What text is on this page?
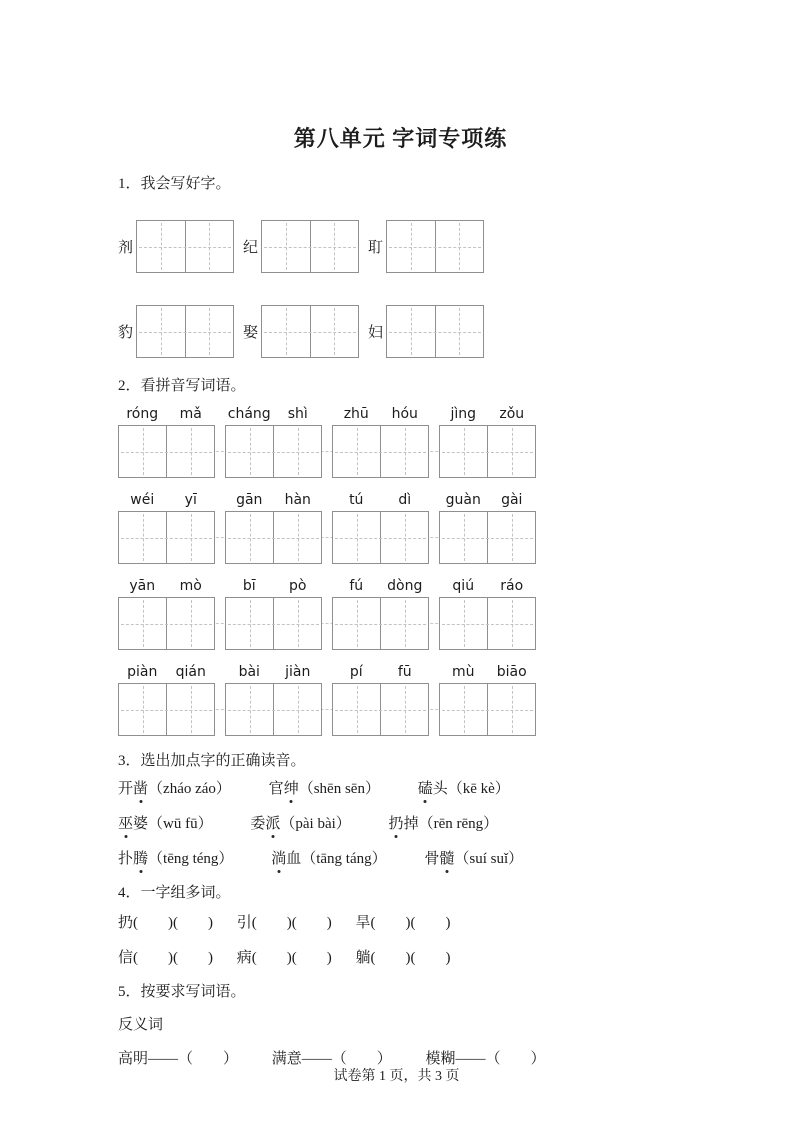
第八单元 字词专项练
1．我会写好字。
剂	纪	耵
豹	娶	妇
2．看拼音写词语。
róng	mǎ	cháng	shì	zhū	hóu	jìng	zǒu
wéi	yī	gān	hàn	tú	dì	guàn	gài
yān	mò	bī	pò	fú	dòng	qiú	ráo
piàn	qián	bài	jiàn	pí	fū	mù	biāo
3．选出加点字的正确读音。
开凿（zháo záo）	官绅（shēn sēn）	磕头（kē kè）
巫婆（wū fū）	委派（pài bài）	扔掉（rēn rēng）
扑腾（tēng téng）	淌血（tāng táng）	骨髓（suí suǐ）
4．一字组多词。
扔(　　)(　　) 引(　　)(　　) 旱(　　)(　　)
信(　　)(　　) 病(　　)(　　) 躺(　　)(　　)
5．按要求写词语。
反义词
高明——（　　） 满意——（　　） 模糊——（　　）
试卷第 1 页，共 3 页
